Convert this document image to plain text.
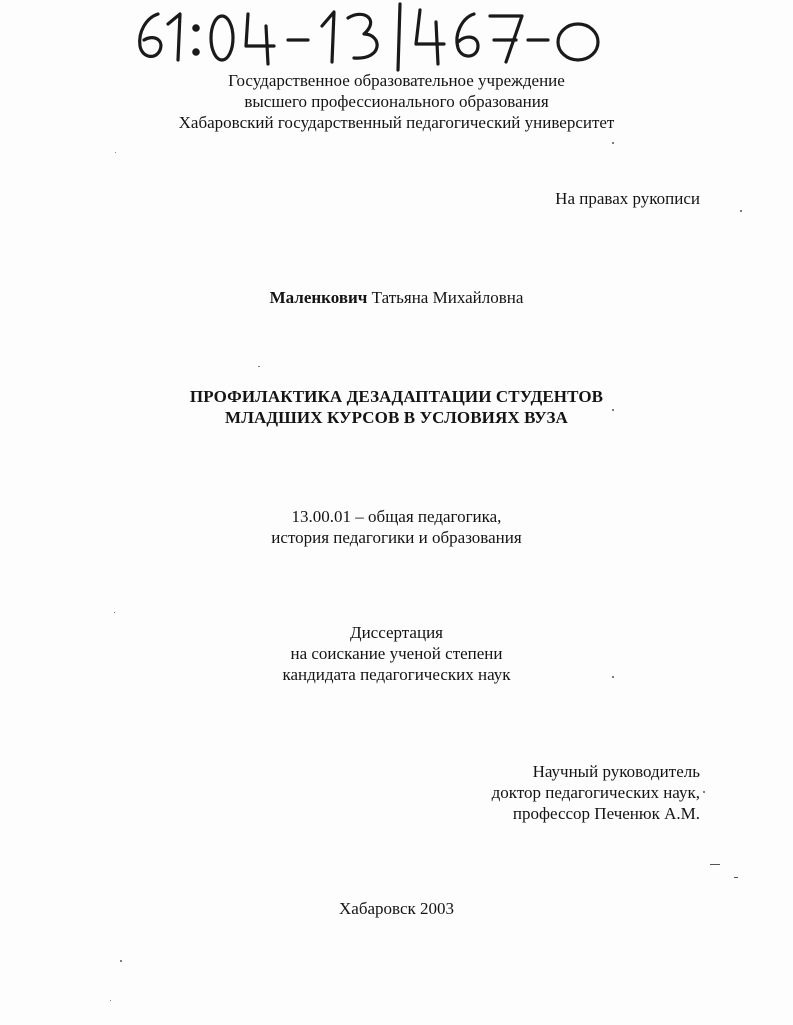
Государственное образовательное учреждение
высшего профессионального образования
Хабаровский государственный педагогический университет
На правах рукописи
Маленкович Татьяна Михайловна
ПРОФИЛАКТИКА ДЕЗАДАПТАЦИИ СТУДЕНТОВ
МЛАДШИХ КУРСОВ В УСЛОВИЯХ ВУЗА
13.00.01 – общая педагогика,
история педагогики и образования
Диссертация
на соискание ученой степени
кандидата педагогических наук
Научный руководитель
доктор педагогических наук,
профессор Печенюк А.М.
Хабаровск 2003
